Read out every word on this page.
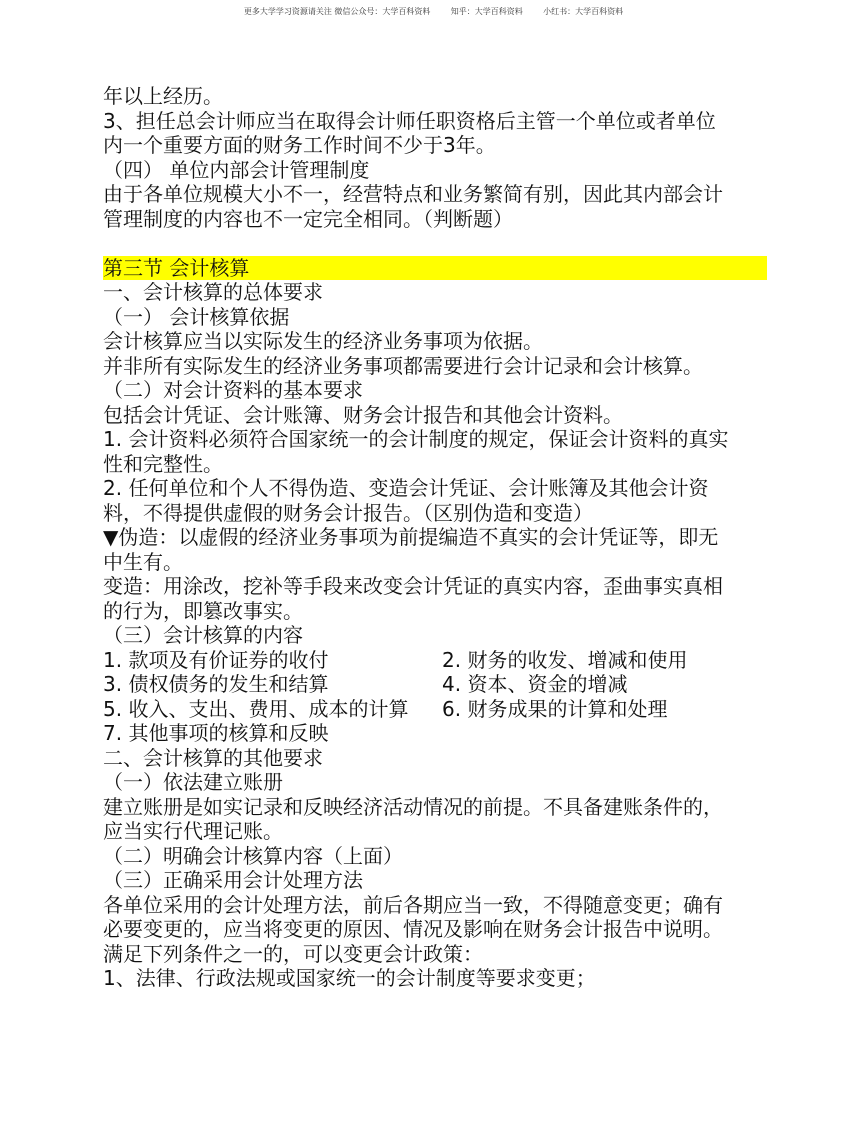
更多大学学习资源请关注 微信公众号：大学百科资料        知乎：大学百科资料        小红书：大学百科资料
年以上经历。
3、担任总会计师应当在取得会计师任职资格后主管一个单位或者单位
内一个重要方面的财务工作时间不少于3年。
（四） 单位内部会计管理制度
由于各单位规模大小不一，经营特点和业务繁简有别，因此其内部会计
管理制度的内容也不一定完全相同。（判断题）
第三节 会计核算
一、会计核算的总体要求
（一） 会计核算依据
会计核算应当以实际发生的经济业务事项为依据。
并非所有实际发生的经济业务事项都需要进行会计记录和会计核算。
（二）对会计资料的基本要求
包括会计凭证、会计账簿、财务会计报告和其他会计资料。
1. 会计资料必须符合国家统一的会计制度的规定，保证会计资料的真实
性和完整性。
2. 任何单位和个人不得伪造、变造会计凭证、会计账簿及其他会计资
料，不得提供虚假的财务会计报告。（区别伪造和变造）
▼伪造：以虚假的经济业务事项为前提编造不真实的会计凭证等，即无
中生有。
变造：用涂改，挖补等手段来改变会计凭证的真实内容，歪曲事实真相
的行为，即篡改事实。
（三）会计核算的内容
1. 款项及有价证券的收付	2. 财务的收发、增减和使用
3. 债权债务的发生和结算	4. 资本、资金的增减
5. 收入、支出、费用、成本的计算	6. 财务成果的计算和处理
7. 其他事项的核算和反映
二、会计核算的其他要求
（一）依法建立账册
建立账册是如实记录和反映经济活动情况的前提。不具备建账条件的，
应当实行代理记账。
（二）明确会计核算内容（上面）
（三）正确采用会计处理方法
各单位采用的会计处理方法，前后各期应当一致，不得随意变更；确有
必要变更的，应当将变更的原因、情况及影响在财务会计报告中说明。
满足下列条件之一的，可以变更会计政策：
1、法律、行政法规或国家统一的会计制度等要求变更；
